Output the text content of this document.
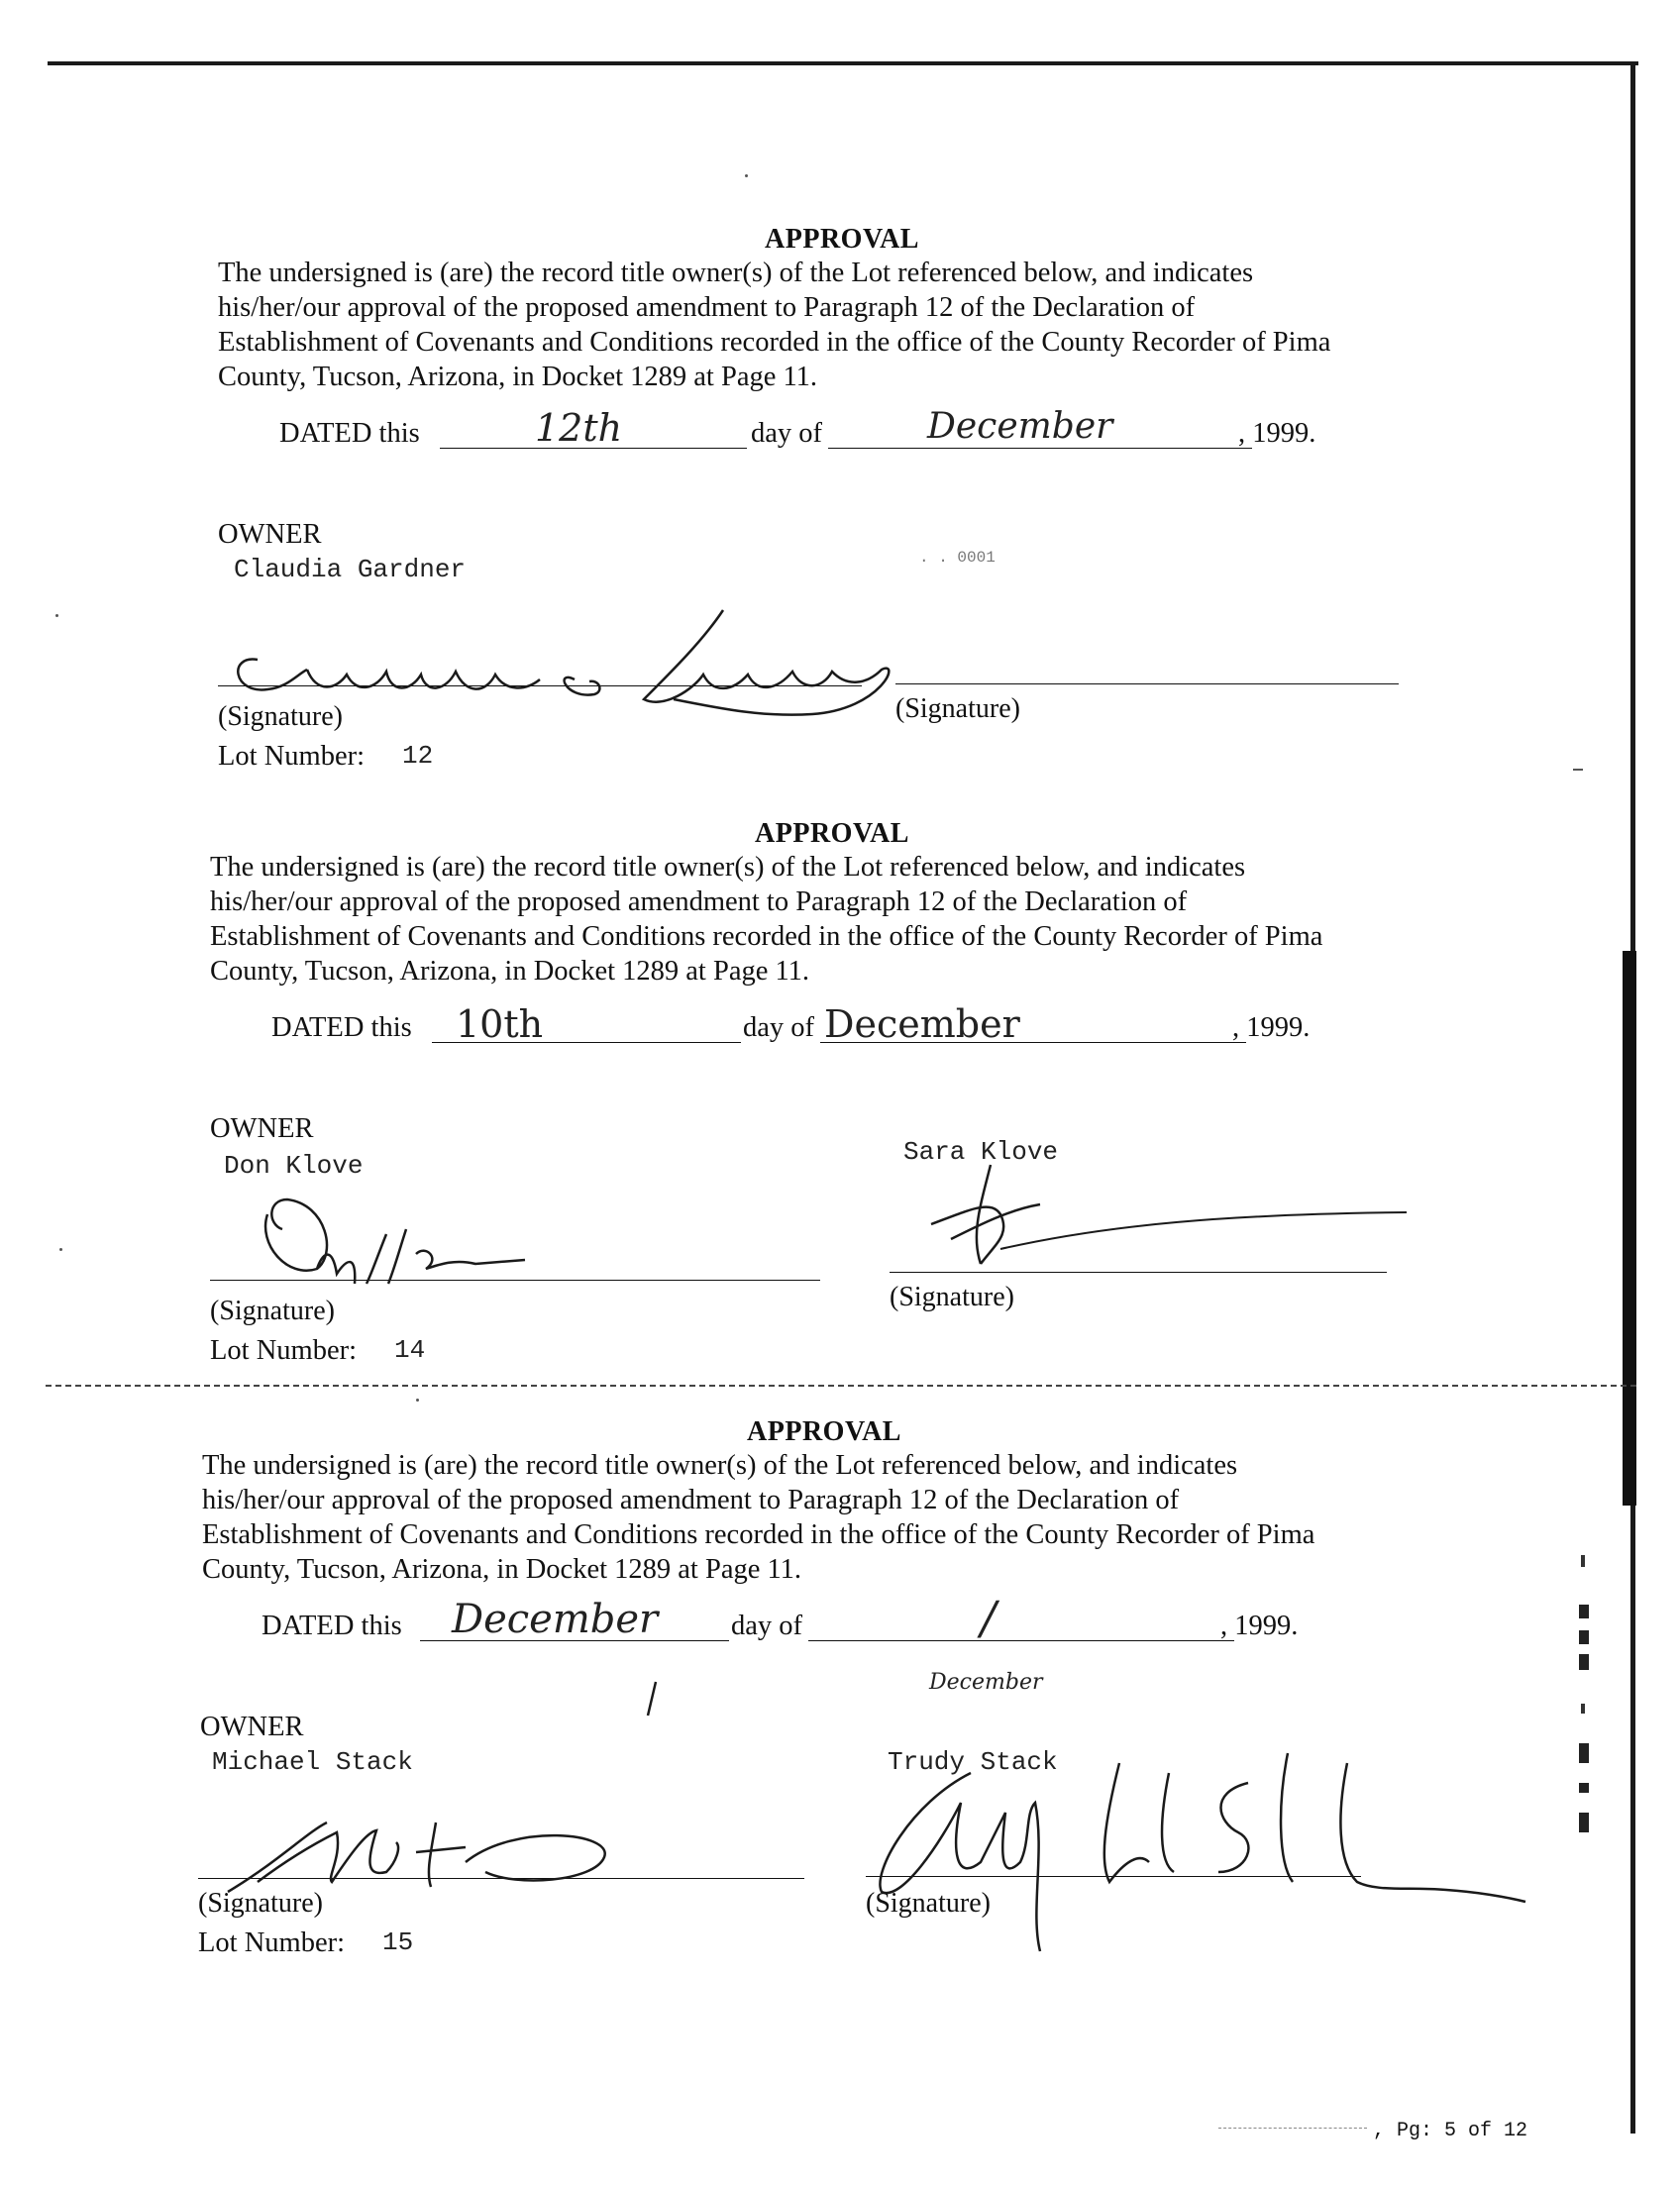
APPROVAL
The undersigned is (are) the record title owner(s) of the Lot referenced below, and indicates
his/her/our approval of the proposed amendment to Paragraph 12 of the Declaration of
Establishment of Covenants and Conditions recorded in the office of the County Recorder of Pima
County, Tucson, Arizona, in Docket 1289 at Page 11.
DATED this	12th	day of	December	, 1999.
OWNER
Claudia Gardner	. . 0001
(Signature)	(Signature)
Lot Number: 12
APPROVAL
The undersigned is (are) the record title owner(s) of the Lot referenced below, and indicates
his/her/our approval of the proposed amendment to Paragraph 12 of the Declaration of
Establishment of Covenants and Conditions recorded in the office of the County Recorder of Pima
County, Tucson, Arizona, in Docket 1289 at Page 11.
DATED this 10th	day of December	, 1999.
OWNER
Don Klove	Sara Klove
(Signature)	(Signature)
Lot Number: 14
APPROVAL
The undersigned is (are) the record title owner(s) of the Lot referenced below, and indicates
his/her/our approval of the proposed amendment to Paragraph 12 of the Declaration of
Establishment of Covenants and Conditions recorded in the office of the County Recorder of Pima
County, Tucson, Arizona, in Docket 1289 at Page 11.
DATED this December	day of	/
December
, 1999.
OWNER
Michael Stack	Trudy Stack
(Signature)	(Signature)
Lot Number: 15
, Pg: 5 of 12
